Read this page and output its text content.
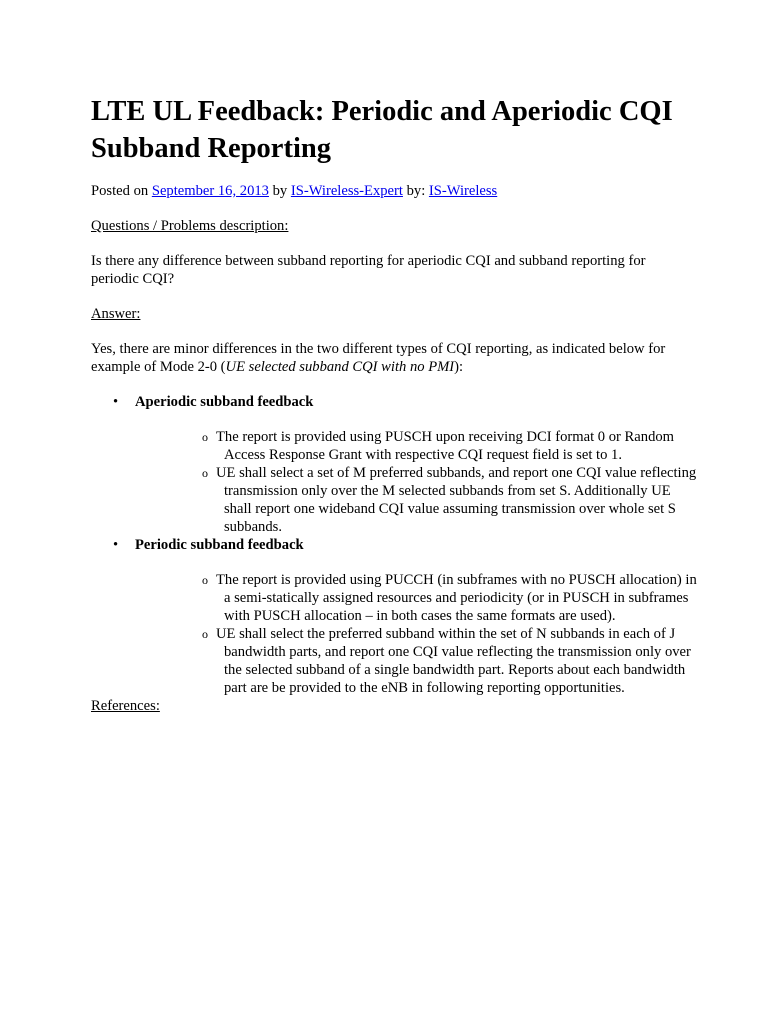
LTE UL Feedback: Periodic and Aperiodic CQI Subband Reporting

Posted on September 16, 2013 by IS-Wireless-Expert by: IS-Wireless

Questions / Problems description:

Is there any difference between subband reporting for aperiodic CQI and subband reporting for periodic CQI?

Answer:

Yes, there are minor differences in the two different types of CQI reporting, as indicated below for example of Mode 2-0 (UE selected subband CQI with no PMI):

• Aperiodic subband feedback
o The report is provided using PUSCH upon receiving DCI format 0 or Random Access Response Grant with respective CQI request field is set to 1.
o UE shall select a set of M preferred subbands, and report one CQI value reflecting transmission only over the M selected subbands from set S. Additionally UE shall report one wideband CQI value assuming transmission over whole set S subbands.
• Periodic subband feedback
o The report is provided using PUCCH (in subframes with no PUSCH allocation) in a semi-statically assigned resources and periodicity (or in PUSCH in subframes with PUSCH allocation – in both cases the same formats are used).
o UE shall select the preferred subband within the set of N subbands in each of J bandwidth parts, and report one CQI value reflecting the transmission only over the selected subband of a single bandwidth part. Reports about each bandwidth part are be provided to the eNB in following reporting opportunities.

References:
